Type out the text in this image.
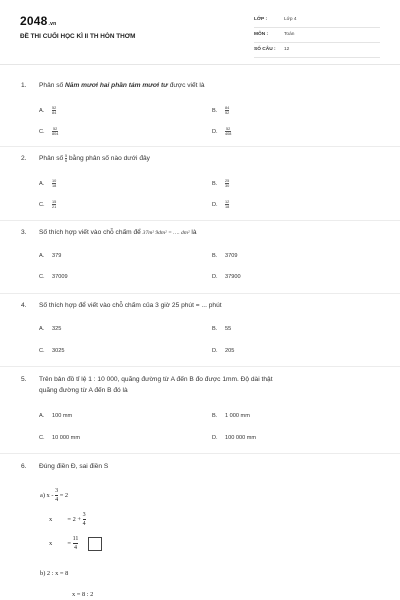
2048.vn
ĐỀ THI CUỐI HỌC KÌ II TH HÒN THƠM
LỚP :	Lớp 4
MÔN :	Toán
SỐ CÂU : 12
1. Phân số Năm mươi hai phần tám mươi tư được viết là
A. $\frac{52}{84}$	B. $\frac{84}{52}$
C. $\frac{52}{804}$	D. $\frac{52}{408}$
2. Phân số $\frac{5}{6}$ bằng phân số nào dưới đây
A. $\frac{10}{18}$	B. $\frac{25}{30}$
C. $\frac{15}{21}$	D. $\frac{12}{18}$
3. Số thích hợp viết vào chỗ chấm để 37m² 9dm² = …. dm² là
A. 379	B. 3709
C. 37009	D. 37900
4. Số thích hợp để viết vào chỗ chấm của 3 giờ 25 phút = ... phút
A. 325	B. 55
C. 3025	D. 205
5. Trên bản đồ tỉ lệ 1 : 10 000, quãng đường từ A đến B đo được 1mm. Độ dài thật
quãng đường từ A đến B đó là
A. 100 mm	B. 1 000 mm
C. 10 000 mm	D. 100 000 mm
6. Đúng điền Đ, sai điền S
a) $x - \frac{3}{4} = 2$
$x = 2 + \frac{3}{4}$
$x = \frac{11}{4}$

b) 2 : x = 8
x = 8 : 2
